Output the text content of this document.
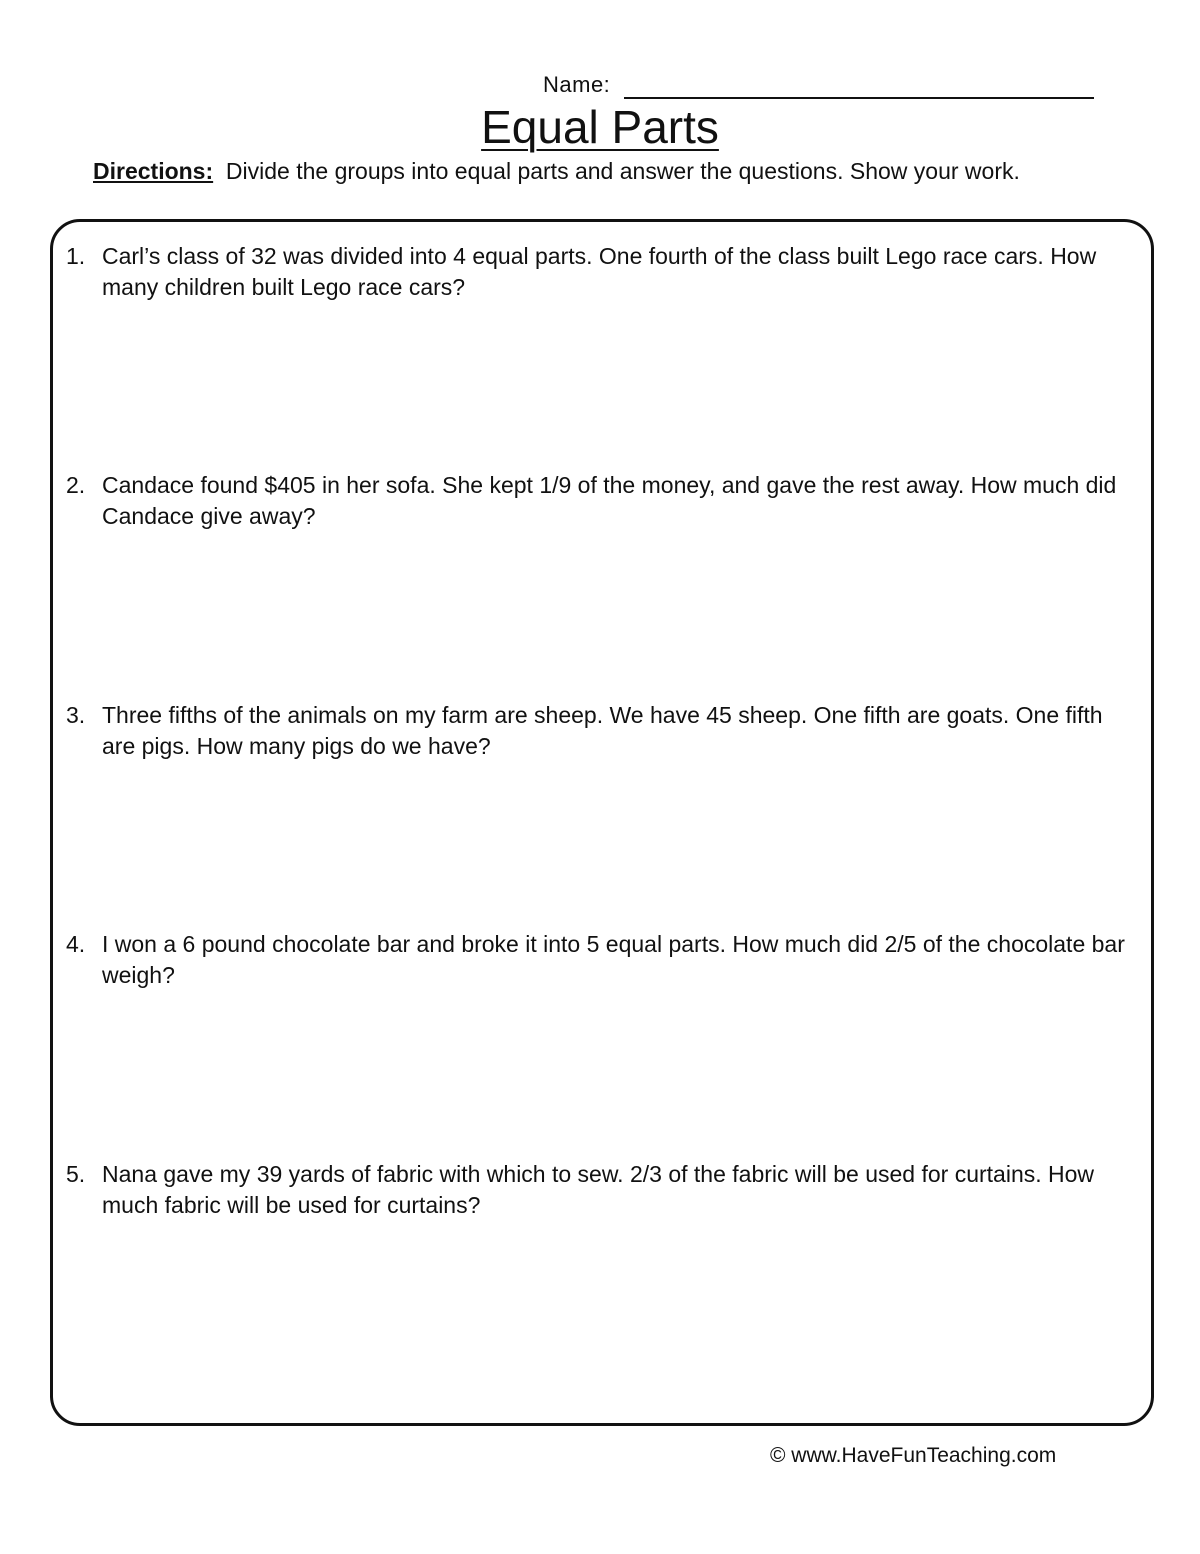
Name:
Equal Parts
Directions: Divide the groups into equal parts and answer the questions. Show your work.
1. Carl’s class of 32 was divided into 4 equal parts. One fourth of the class built Lego race cars. How many children built Lego race cars?
2. Candace found $405 in her sofa. She kept 1/9 of the money, and gave the rest away. How much did Candace give away?
3. Three fifths of the animals on my farm are sheep. We have 45 sheep. One fifth are goats. One fifth are pigs. How many pigs do we have?
4. I won a 6 pound chocolate bar and broke it into 5 equal parts. How much did 2/5 of the chocolate bar weigh?
5. Nana gave my 39 yards of fabric with which to sew. 2/3 of the fabric will be used for curtains. How much fabric will be used for curtains?
© www.HaveFunTeaching.com
